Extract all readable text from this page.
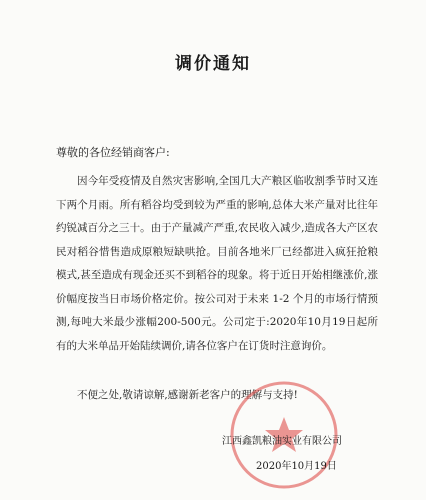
调价通知
尊敬的各位经销商客户:

因今年受疫情及自然灾害影响,全国几大产粮区临收割季节时又连下两个月雨。所有稻谷均受到较为严重的影响,总体大米产量对比往年约锐减百分之三十。由于产量减产严重,农民收入减少,造成各大产区农民对稻谷惜售造成原粮短缺哄抢。目前各地米厂已经都进入疯狂抢粮模式,甚至造成有现金还买不到稻谷的现象。将于近日开始相继涨价,涨价幅度按当日市场价格定价。按公司对于未来 1-2 个月的市场行情预测,每吨大米最少涨幅200-500元。公司定于:2020年10月19日起所有的大米单品开始陆续调价,请各位客户在订货时注意询价。

不便之处,敬请谅解,感谢新老客户的理解与支持!
江西鑫凯粮油实业有限公司
2020年10月19日
